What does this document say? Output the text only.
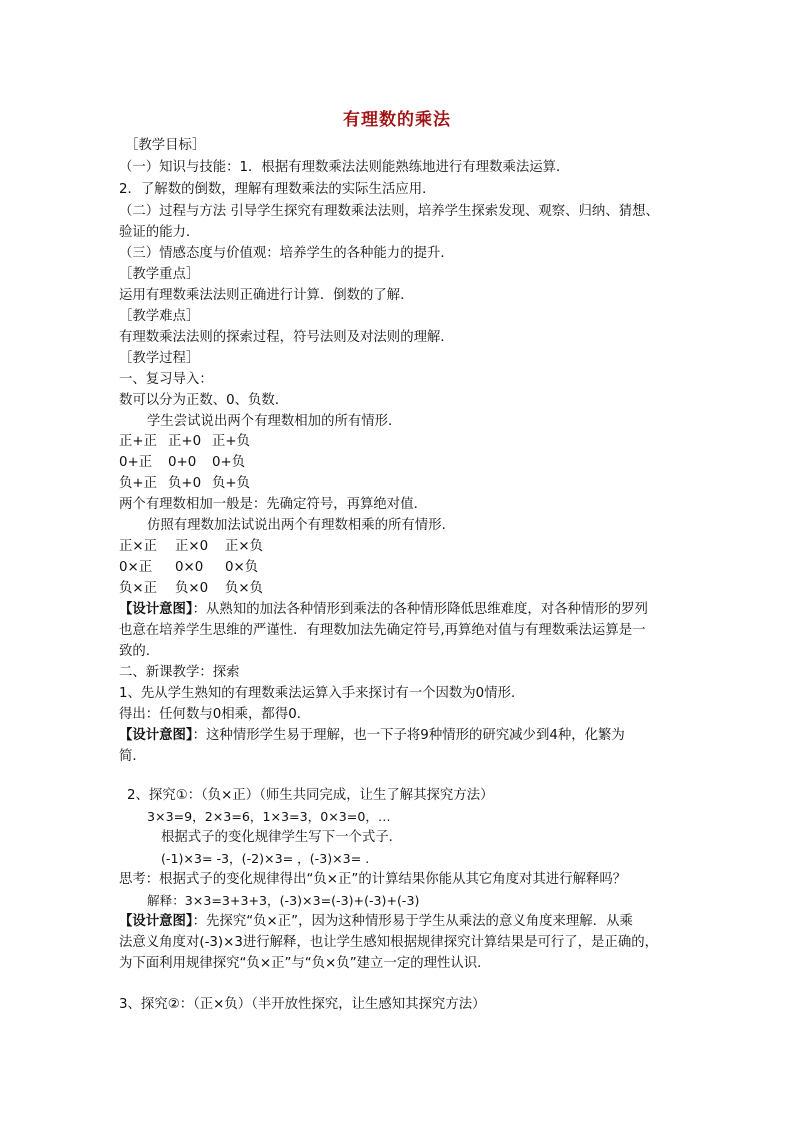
有理数的乘法
［教学目标］
（一）知识与技能：1．根据有理数乘法法则能熟练地进行有理数乘法运算．
2．了解数的倒数，理解有理数乘法的实际生活应用．
（二）过程与方法 引导学生探究有理数乘法法则，培养学生探索发现、观察、归纳、猜想、
验证的能力．
（三）情感态度与价值观：培养学生的各种能力的提升．
［教学重点］
运用有理数乘法法则正确进行计算．倒数的了解．
［教学难点］
有理数乘法法则的探索过程，符号法则及对法则的理解．
［教学过程］
一、复习导入：
数可以分为正数、0、负数．
学生尝试说出两个有理数相加的所有情形．
正+正 正+0 正+负
0+正 0+0 0+负
负+正 负+0 负+负
两个有理数相加一般是：先确定符号，再算绝对值．
仿照有理数加法试说出两个有理数相乘的所有情形．
正×正 正×0 正×负
0×正 0×0 0×负
负×正 负×0 负×负
【设计意图】：从熟知的加法各种情形到乘法的各种情形降低思维难度，对各种情形的罗列
也意在培养学生思维的严谨性．有理数加法先确定符号,再算绝对值与有理数乘法运算是一
致的.
二、新课教学：探索
1、先从学生熟知的有理数乘法运算入手来探讨有一个因数为0情形．
得出：任何数与0相乘，都得0．
【设计意图】：这种情形学生易于理解，也一下子将9种情形的研究减少到4种，化繁为
简．
2、探究①：（负×正）（师生共同完成，让生了解其探究方法）
3×3=9，2×3=6，1×3=3，0×3=0，…
根据式子的变化规律学生写下一个式子．
(-1)×3= -3，(-2)×3= ，(-3)×3= .
思考：根据式子的变化规律得出“负×正”的计算结果你能从其它角度对其进行解释吗？
解释：3×3=3+3+3，(-3)×3=(-3)+(-3)+(-3)
【设计意图】：先探究“负×正”，因为这种情形易于学生从乘法的意义角度来理解．从乘
法意义角度对(-3)×3进行解释，也让学生感知根据规律探究计算结果是可行了，是正确的，
为下面利用规律探究“负×正”与“负×负”建立一定的理性认识．
3、探究②：（正×负）（半开放性探究，让生感知其探究方法）
